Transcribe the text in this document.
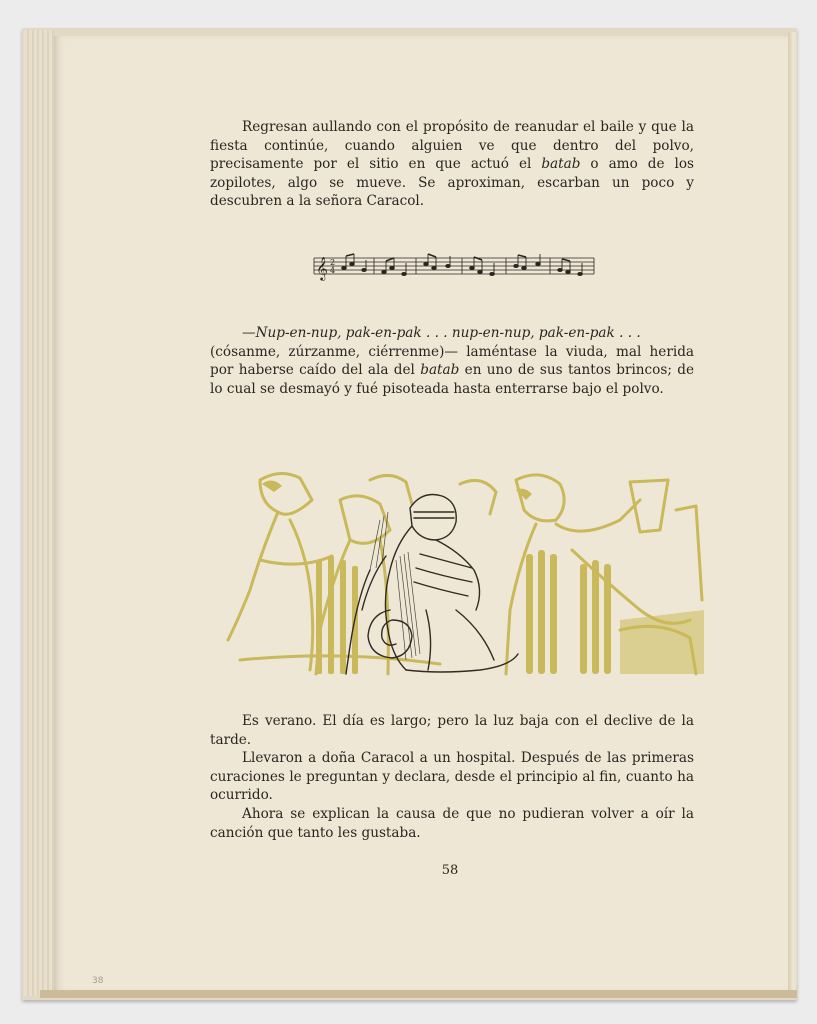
Regresan aullando con el propósito de reanudar el baile y que la fiesta continúe, cuando alguien ve que dentro del polvo, precisamente por el sitio en que actuó el batab o amo de los zopilotes, algo se mueve. Se aproximan, escarban un poco y descubren a la señora Caracol.

𝄞 2
4

—Nup-en-nup, pak-en-pak . . . nup-en-nup, pak-en-pak . . .

(cósanme, zúrzanme, ciérrenme)— laméntase la viuda, mal herida por haberse caído del ala del batab en uno de sus tantos brincos; de lo cual se desmayó y fué pisoteada hasta enterrarse bajo el polvo.

Es verano. El día es largo; pero la luz baja con el declive de la tarde.

Llevaron a doña Caracol a un hospital. Después de las primeras curaciones le preguntan y declara, desde el principio al fin, cuanto ha ocurrido.

Ahora se explican la causa de que no pudieran volver a oír la canción que tanto les gustaba.

58
38
